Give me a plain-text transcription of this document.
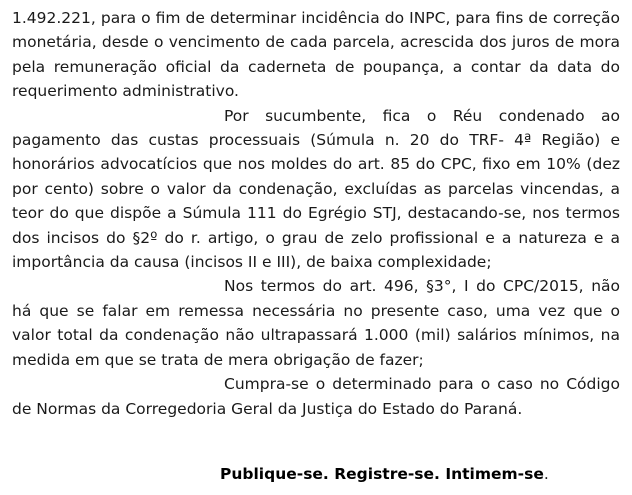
1.492.221, para o fim de determinar incidência do INPC, para fins de correção monetária, desde o vencimento de cada parcela, acrescida dos juros de mora pela remuneração oficial da caderneta de poupança, a contar da data do requerimento administrativo.

Por sucumbente, fica o Réu condenado ao pagamento das custas processuais (Súmula n. 20 do TRF- 4ª Região) e honorários advocatícios que nos moldes do art. 85 do CPC, fixo em 10% (dez por cento) sobre o valor da condenação, excluídas as parcelas vincendas, a teor do que dispõe a Súmula 111 do Egrégio STJ, destacando-se, nos termos dos incisos do §2º do r. artigo, o grau de zelo profissional e a natureza e a importância da causa (incisos II e III), de baixa complexidade;

Nos termos do art. 496, §3°, I do CPC/2015, não há que se falar em remessa necessária no presente caso, uma vez que o valor total da condenação não ultrapassará 1.000 (mil) salários mínimos, na medida em que se trata de mera obrigação de fazer;

Cumpra-se o determinado para o caso no Código de Normas da Corregedoria Geral da Justiça do Estado do Paraná.

Publique-se. Registre-se. Intimem-se.
